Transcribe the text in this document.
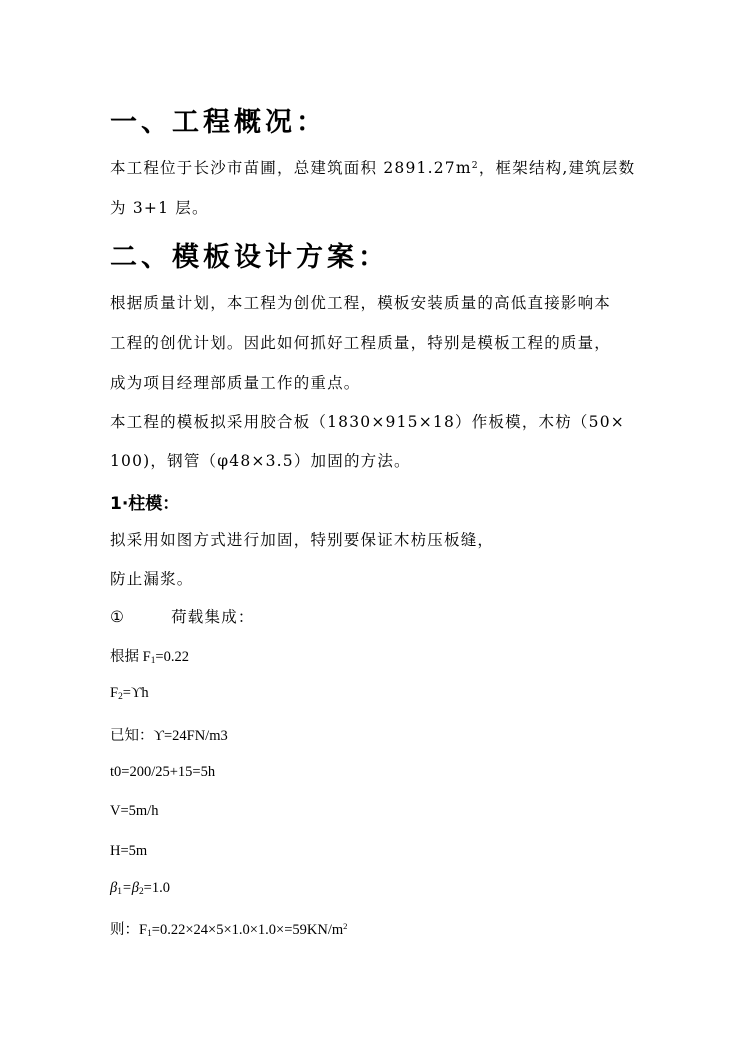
一、工程概况：
本工程位于长沙市苗圃，总建筑面积 $2891.27m^2$，框架结构,建筑层数
为 3+1 层。
二、模板设计方案：
根据质量计划，本工程为创优工程，模板安装质量的高低直接影响本
工程的创优计划。因此如何抓好工程质量，特别是模板工程的质量，
成为项目经理部质量工作的重点。
本工程的模板拟采用胶合板（1830×915×18）作板模，木枋（50×
100)，钢管（φ48×3.5）加固的方法。
1·柱模：
拟采用如图方式进行加固，特别要保证木枋压板缝，
防止漏浆。
①	荷载集成：
根据 F1=0.22
F2=ϒh
已知：ϒ=24FN/m3
t0=200/25+15=5h
V=5m/h
H=5m
β1=β2=1.0
则：$F1=0.22\times 24\times 5\times 1.0\times 1.0\times=59KN/m^2$
